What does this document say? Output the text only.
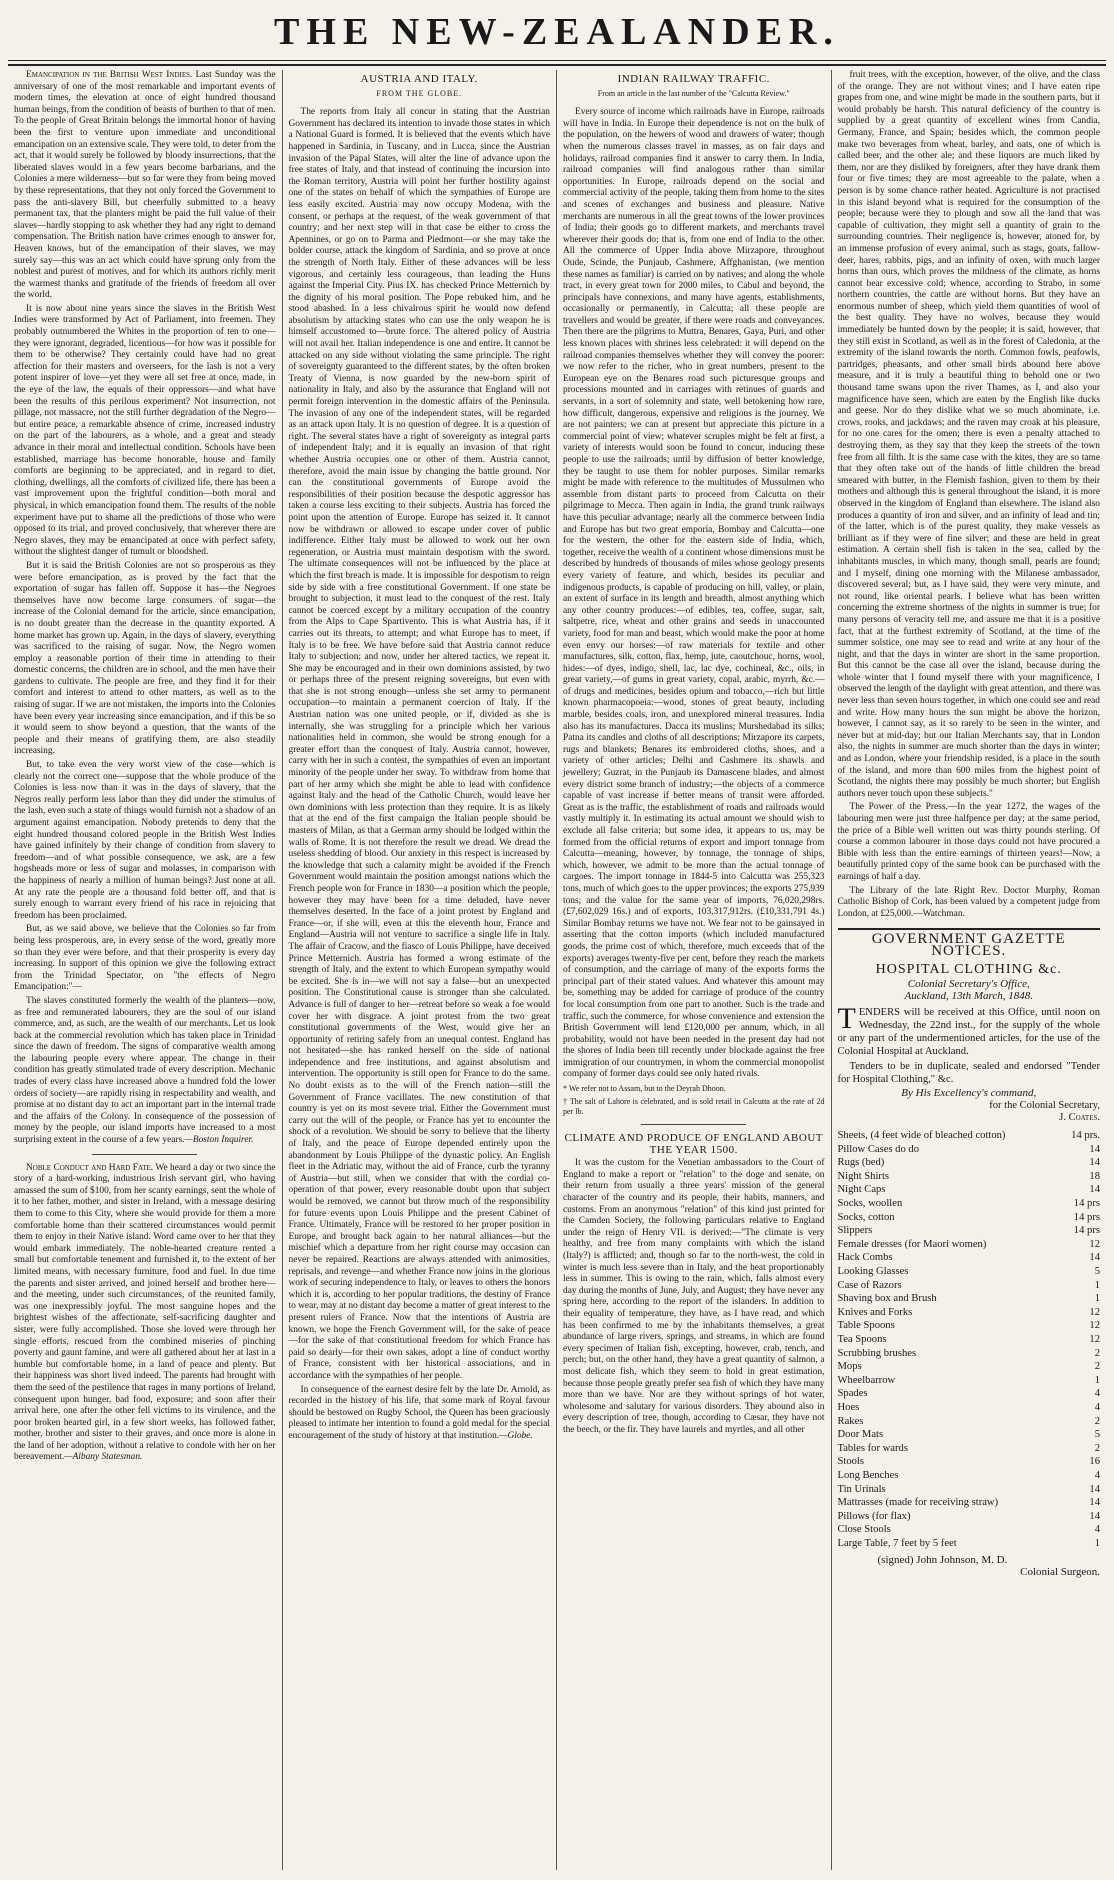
THE NEW-ZEALANDER.

Emancipation in the British West Indies. Last Sunday was the anniversary of one of the most remarkable and important events of modern times, the elevation at once of eight hundred thousand human beings, from the condition of beasts of burthen to that of men. To the people of Great Britain belongs the immortal honor of having been the first to venture upon immediate and unconditional emancipation on an extensive scale. They were told, to deter from the act, that it would surely be followed by bloody insurrections, that the liberated slaves would in a few years become barbarians, and the Colonies a mere wilderness—but so far were they from being moved by these representations, that they not only forced the Government to pass the anti-slavery Bill, but cheerfully submitted to a heavy permanent tax, that the planters might be paid the full value of their slaves—hardly stopping to ask whether they had any right to demand compensation. The British nation have crimes enough to answer for, Heaven knows, but of the emancipation of their slaves, we may surely say—this was an act which could have sprung only from the noblest and purest of motives, and for which its authors richly merit the warmest thanks and gratitude of the friends of freedom all over the world.

It is now about nine years since the slaves in the British West Indies were transformed by Act of Parliament, into freemen. They probably outnumbered the Whites in the proportion of ten to one—they were ignorant, degraded, licentious—for how was it possible for them to be otherwise? They certainly could have had no great affection for their masters and overseers, for the lash is not a very potent inspirer of love—yet they were all set free at once, made, in the eye of the law, the equals of their oppressors—and what have been the results of this perilous experiment? Not insurrection, not pillage, not massacre, not the still further degradation of the Negro—but entire peace, a remarkable absence of crime, increased industry on the part of the labourers, as a whole, and a great and steady advance in their moral and intellectual condition. Schools have been established, marriage has become honorable, house and family comforts are beginning to be appreciated, and in regard to diet, clothing, dwellings, all the comforts of civilized life, there has been a vast improvement upon the frightful condition—both moral and physical, in which emancipation found them. The results of the noble experiment have put to shame all the predictions of those who were opposed to its trial, and proved conclusively, that wherever there are Negro slaves, they may be emancipated at once with perfect safety, without the slightest danger of tumult or bloodshed.

But it is said the British Colonies are not so prosperous as they were before emancipation, as is proved by the fact that the exportation of sugar has fallen off. Suppose it has—the Negroes themselves have now become large consumers of sugar—the increase of the Colonial demand for the article, since emancipation, is no doubt greater than the decrease in the quantity exported. A home market has grown up. Again, in the days of slavery, everything was sacrificed to the raising of sugar. Now, the Negro women employ a reasonable portion of their time in attending to their domestic concerns, the children are in school, and the men have their gardens to cultivate. The people are free, and they find it for their comfort and interest to attend to other matters, as well as to the raising of sugar. If we are not mistaken, the imports into the Colonies have been every year increasing since emancipation, and if this be so it would seem to show beyond a question, that the wants of the people and their means of gratifying them, are also steadily increasing.

But, to take even the very worst view of the case—which is clearly not the correct one—suppose that the whole produce of the Colonies is less now than it was in the days of slavery, that the Negros really perform less labor than they did under the stimulus of the lash, even such a state of things would furnish not a shadow of an argument against emancipation. Nobody pretends to deny that the eight hundred thousand colored people in the British West Indies have gained infinitely by their change of condition from slavery to freedom—and of what possible consequence, we ask, are a few hogsheads more or less of sugar and molasses, in comparison with the happiness of nearly a million of human beings? Just none at all. At any rate the people are a thousand fold better off, and that is surely enough to warrant every friend of his race in rejoicing that freedom has been proclaimed.

But, as we said above, we believe that the Colonies so far from being less prosperous, are, in every sense of the word, greatly more so than they ever were before, and that their prosperity is every day increasing. In support of this opinion we give the following extract from the Trinidad Spectator, on "the effects of Negro Emancipation:"—

The slaves constituted formerly the wealth of the planters—now, as free and remunerated labourers, they are the soul of our island commerce, and, as such, are the wealth of our merchants. Let us look back at the commercial revolution which has taken place in Trinidad since the dawn of freedom. The signs of comparative wealth among the labouring people every where appear. The change in their condition has greatly stimulated trade of every description. Mechanic trades of every class have increased above a hundred fold the lower orders of society—are rapidly rising in respectability and wealth, and promise at no distant day to act an important part in the internal trade and the affairs of the Colony. In consequence of the possession of money by the people, our island imports have increased to a most surprising extent in the course of a few years.—Boston Inquirer.

Noble Conduct and Hard Fate. We heard a day or two since the story of a hard-working, industrious Irish servant girl, who having amassed the sum of $100, from her scanty earnings, sent the whole of it to her father, mother, and sister in Ireland, with a message desiring them to come to this City, where she would provide for them a more comfortable home than their scattered circumstances would permit them to enjoy in their Native island. Word came over to her that they would embark immediately. The noble-hearted creature rented a small but comfortable tenement and furnished it, to the extent of her limited means, with necessary furniture, food and fuel. In due time the parents and sister arrived, and joined herself and brother here—and the meeting, under such circumstances, of the reunited family, was one inexpressibly joyful. The most sanguine hopes and the brightest wishes of the affectionate, self-sacrificing daughter and sister, were fully accomplished. Those she loved were through her single efforts, rescued from the combined miseries of pinching poverty and gaunt famine, and were all gathered about her at last in a humble but comfortable home, in a land of peace and plenty. But their happiness was short lived indeed. The parents had brought with them the seed of the pestilence that rages in many portions of Ireland, consequent upon hunger, bad food, exposure; and soon after their arrival here, one after the other fell victims to its virulence, and the poor broken hearted girl, in a few short weeks, has followed father, mother, brother and sister to their graves, and once more is alone in the land of her adoption, without a relative to condole with her on her bereavement.—Albany Statesman.

AUSTRIA AND ITALY.
FROM THE GLOBE.

The reports from Italy all concur in stating that the Austrian Government has declared its intention to invade those states in which a National Guard is formed. It is believed that the events which have happened in Sardinia, in Tuscany, and in Lucca, since the Austrian invasion of the Papal States, will alter the line of advance upon the free states of Italy, and that instead of continuing the incursion into the Roman territory, Austria will point her further hostility against one of the states on behalf of which the sympathies of Europe are less easily excited. Austria may now occupy Modena, with the consent, or perhaps at the request, of the weak government of that country; and her next step will in that case be either to cross the Apennines, or go on to Parma and Piedmont—or she may take the bolder course, attack the kingdom of Sardinia, and so prove at once the strength of North Italy. Either of these advances will be less vigorous, and certainly less courageous, than leading the Huns against the Imperial City. Pius IX. has checked Prince Metternich by the dignity of his moral position. The Pope rebuked him, and he stood abashed. In a less chivalrous spirit he would now defend absolutism by attacking states who can use the only weapon he is himself accustomed to—brute force. The altered policy of Austria will not avail her. Italian independence is one and entire. It cannot be attacked on any side without violating the same principle. The right of sovereignty guaranteed to the different states, by the often broken Treaty of Vienna, is now guarded by the new-born spirit of nationality in Italy, and also by the assurance that England will not permit foreign intervention in the domestic affairs of the Peninsula. The invasion of any one of the independent states, will be regarded as an attack upon Italy. It is no question of degree. It is a question of right. The several states have a right of sovereignty as integral parts of independent Italy; and it is equally an invasion of that right whether Austria occupies one or other of them. Austria cannot, therefore, avoid the main issue by changing the battle ground. Nor can the constitutional governments of Europe avoid the responsibilities of their position because the despotic aggressor has taken a course less exciting to their subjects. Austria has forced the point upon the attention of Europe. Europe has seized it. It cannot now be withdrawn or allowed to escape under cover of public indifference. Either Italy must be allowed to work out her own regeneration, or Austria must maintain despotism with the sword. The ultimate consequences will not be influenced by the place at which the first breach is made. It is impossible for despotism to reign side by side with a free constitutional Government. If one state be brought to subjection, it must lead to the conquest of the rest. Italy cannot be coerced except by a military occupation of the country from the Alps to Cape Spartivento. This is what Austria has, if it carries out its threats, to attempt; and what Europe has to meet, if Italy is to be free. We have before said that Austria cannot reduce Italy to subjection; and now, under her altered tactics, we repeat it. She may be encouraged and in their own dominions assisted, by two or perhaps three of the present reigning sovereigns, but even with that she is not strong enough—unless she set army to permanent occupation—to maintain a permanent coercion of Italy. If the Austrian nation was one united people, or if, divided as she is internally, she was struggling for a principle which her various nationalities held in common, she would be strong enough for a greater effort than the conquest of Italy. Austria cannot, however, carry with her in such a contest, the sympathies of even an important minority of the people under her sway. To withdraw from home that part of her army which she might be able to lead with confidence against Italy and the head of the Catholic Church, would leave her own dominions with less protection than they require. It is as likely that at the end of the first campaign the Italian people should be masters of Milan, as that a German army should be lodged within the walls of Rome. It is not therefore the result we dread. We dread the useless shedding of blood. Our anxiety in this respect is increased by the knowledge that such a calamity might be avoided if the French Government would maintain the position amongst nations which the French people won for France in 1830—a position which the people, however they may have been for a time deluded, have never themselves deserted. In the face of a joint protest by England and France—or, if she will, even at this the eleventh hour, France and England—Austria will not venture to sacrifice a single life in Italy. The affair of Cracow, and the fiasco of Louis Philippe, have deceived Prince Metternich. Austria has formed a wrong estimate of the strength of Italy, and the extent to which European sympathy would be excited. She is in—we will not say a false—but an unexpected position. The Constitutional cause is stronger than she calculated. Advance is full of danger to her—retreat before so weak a foe would cover her with disgrace. A joint protest from the two great constitutional governments of the West, would give her an opportunity of retiring safely from an unequal contest. England has not hesitated—she has ranked herself on the side of national independence and free institutions, and against absolutism and intervention. The opportunity is still open for France to do the same. No doubt exists as to the will of the French nation—still the Government of France vacillates. The new constitution of that country is yet on its most severe trial. Either the Government must carry out the will of the people, or France has yet to encounter the shock of a revolution. We should be sorry to believe that the liberty of Italy, and the peace of Europe depended entirely upon the abandonment by Louis Philippe of the dynastic policy. An English fleet in the Adriatic may, without the aid of France, curb the tyranny of Austria—but still, when we consider that with the cordial co-operation of that power, every reasonable doubt upon that subject would be removed, we cannot but throw much of the responsibility for future events upon Louis Philippe and the present Cabinet of France. Ultimately, France will be restored to her proper position in Europe, and brought back again to her natural alliances—but the mischief which a departure from her right course may occasion can never be repaired. Reactions are always attended with animosities, reprisals, and revenge—and whether France now joins in the glorious work of securing independence to Italy, or leaves to others the honors which it is, according to her popular traditions, the destiny of France to wear, may at no distant day become a matter of great interest to the present rulers of France. Now that the intentions of Austria are known, we hope the French Government will, for the sake of peace—for the sake of that constitutional freedom for which France has paid so dearly—for their own sakes, adopt a line of conduct worthy of France, consistent with her historical associations, and in accordance with the sympathies of her people.

In consequence of the earnest desire felt by the late Dr. Arnold, as recorded in the history of his life, that some mark of Royal favour should be bestowed on Rugby School, the Queen has been graciously pleased to intimate her intention to found a gold medal for the special encouragement of the study of history at that institution.—Globe.

INDIAN RAILWAY TRAFFIC.
From an article in the last number of the "Calcutta Review."

Every source of income which railroads have in Europe, railroads will have in India. In Europe their dependence is not on the bulk of the population, on the hewers of wood and drawers of water; though when the numerous classes travel in masses, as on fair days and holidays, railroad companies find it answer to carry them. In India, railroad companies will find analogous rather than similar opportunities. In Europe, railroads depend on the social and commercial activity of the people, taking them from home to the sites and scenes of exchanges and business and pleasure. Native merchants are numerous in all the great towns of the lower provinces of India; their goods go to different markets, and merchants travel wherever their goods do; that is, from one end of India to the other. All the commerce of Upper India above Mirzapore, throughout Oude, Scinde, the Punjaub, Cashmere, Affghanistan, (we mention these names as familiar) is carried on by natives; and along the whole tract, in every great town for 2000 miles, to Cabul and beyond, the principals have connexions, and many have agents, establishments, occasionally or permanently, in Calcutta; all these people are travellers and would be greater, if there were roads and conveyances. Then there are the pilgrims to Muttra, Benares, Gaya, Puri, and other less known places with shrines less celebrated: it will depend on the railroad companies themselves whether they will convey the poorer: we now refer to the richer, who in great numbers, present to the European eye on the Benares road such picturesque groups and processions mounted and in carriages with retinues of guards and servants, in a sort of solemnity and state, well betokening how rare, how difficult, dangerous, expensive and religious is the journey. We are not painters; we can at present but appreciate this picture in a commercial point of view; whatever scruples might be felt at first, a variety of interests would soon be found to concur, inducing these people to use the railroads; until by diffusion of better knowledge, they be taught to use them for nobler purposes. Similar remarks might be made with reference to the multitudes of Mussulmen who assemble from distant parts to proceed from Calcutta on their pilgrimage to Mecca. Then again in India, the grand trunk railways have this peculiar advantage; nearly all the commerce between India and Europe has but two great emporia, Bombay and Calcutta—one for the western, the other for the eastern side of India, which, together, receive the wealth of a continent whose dimensions must be described by hundreds of thousands of miles whose geology presents every variety of feature, and which, besides its peculiar and indigenous products, is capable of producing on hill, valley, or plain, an extent of surface in its length and breadth, almost anything which any other country produces:—of edibles, tea, coffee, sugar, salt, saltpetre, rice, wheat and other grains and seeds in unaccounted variety, food for man and beast, which would make the poor at home even envy our horses:—of raw materials for textile and other manufactures, silk, cotton, flax, hemp, jute, caoutchouc, horns, wool, hides:—of dyes, indigo, shell, lac, lac dye, cochineal, &c., oils, in great variety,—of gums in great variety, copal, arabic, myrrh, &c.—of drugs and medicines, besides opium and tobacco,—rich but little known pharmacopoeia:—wood, stones of great beauty, including marble, besides coals, iron, and unexplored mineral treasures. India also has its manufactures. Dacca its muslins; Murshedabad its silks; Patna its candles and cloths of all descriptions; Mirzapore its carpets, rugs and blankets; Benares its embroidered cloths, shoes, and a variety of other articles; Delhi and Cashmere its shawls and jewellery; Guzrat, in the Punjaub its Damascene blades, and almost every district some branch of industry;—the objects of a commerce capable of vast increase if better means of transit were afforded. Great as is the traffic, the establishment of roads and railroads would vastly multiply it. In estimating its actual amount we should wish to exclude all false criteria; but some idea, it appears to us, may be formed from the official returns of export and import tonnage from Calcutta—meaning, however, by tonnage, the tonnage of ships, which, however, we admit to be more than the actual tonnage of cargoes. The import tonnage in 1844-5 into Calcutta was 255,323 tons, much of which goes to the upper provinces; the exports 275,939 tons; and the value for the same year of imports, 76,020,298rs.(£7,602,029 16s.) and of exports, 103,317,912rs. (£10,331,791 4s.) Similar Bombay returns we have not. We fear not to be gainsayed in asserting that the cotton imports (which included manufactured goods, the prime cost of which, therefore, much exceeds that of the exports) averages twenty-five per cent, before they reach the markets of consumption, and the carriage of many of the exports forms the principal part of their stated values. And whatever this amount may be, something may be added for carriage of produce of the country for local consumption from one part to another. Such is the trade and traffic, such the commerce, for whose convenience and extension the British Government will lend £120,000 per annum, which, in all probability, would not have been needed in the present day had not the shores of India been till recently under blockade against the free immigration of our countrymen, in whom the commercial monopolist company of former days could see only hated rivals.

* We refer not to Assam, but to the Deyrah Dhoon.
† The salt of Lahore is celebrated, and is sold retail in Calcutta at the rate of 2d per lb.
CLIMATE AND PRODUCE OF ENGLAND ABOUT THE YEAR 1500.

It was the custom for the Venetian ambassadors to the Court of England to make a report or "relation" to the doge and senate, on their return from usually a three years' mission of the general character of the country and its people, their habits, manners, and customs. From an anonymous "relation" of this kind just printed for the Camden Society, the following particulars relative to England under the reign of Henry VII. is derived:—"The climate is very healthy, and free from many complaints with which the island (Italy?) is afflicted; and, though so far to the north-west, the cold in winter is much less severe than in Italy, and the heat proportionably less in summer. This is owing to the rain, which, falls almost every day during the months of June, July, and August; they have never any spring here, according to the report of the islanders. In addition to their equality of temperature, they have, as I have read, and which has been confirmed to me by the inhabitants themselves, a great abundance of large rivers, springs, and streams, in which are found every specimen of Italian fish, excepting, however, crab, tench, and perch; but, on the other hand, they have a great quantity of salmon, a most delicate fish, which they seem to hold in great estimation, because those people greatly prefer sea fish of which they have many more than we have. Nor are they without springs of hot water, wholesome and salutary for various disorders. They abound also in every description of tree, though, according to Cæsar, they have not the beech, or the fir. They have laurels and myrtles, and all other

fruit trees, with the exception, however, of the olive, and the class of the orange. They are not without vines; and I have eaten ripe grapes from one, and wine might be made in the southern parts, but it would probably be harsh. This natural deficiency of the country is supplied by a great quantity of excellent wines from Candia, Germany, France, and Spain; besides which, the common people make two beverages from wheat, barley, and oats, one of which is called beer, and the other ale; and these liquors are much liked by them, nor are they disliked by foreigners, after they have drank them four or five times; they are most agreeable to the palate, when a person is by some chance rather heated. Agriculture is not practised in this island beyond what is required for the consumption of the people; because were they to plough and sow all the land that was capable of cultivation, they might sell a quantity of grain to the surrounding countries. Their negligence is, however, atoned for, by an immense profusion of every animal, such as stags, goats, fallow-deer, hares, rabbits, pigs, and an infinity of oxen, with much larger horns than ours, which proves the mildness of the climate, as horns cannot bear excessive cold; whence, according to Strabo, in some northern countries, the cattle are without horns. But they have an enormous number of sheep, which yield them quantities of wool of the best quality. They have no wolves, because they would immediately be hunted down by the people; it is said, however, that they still exist in Scotland, as well as in the forest of Caledonia, at the extremity of the island towards the north. Common fowls, peafowls, partridges, pheasants, and other small birds abound here above measure, and it is truly a beautiful thing to behold one or two thousand tame swans upon the river Thames, as I, and also your magnificence have seen, which are eaten by the English like ducks and geese. Nor do they dislike what we so much abominate, i.e. crows, rooks, and jackdaws; and the raven may croak at his pleasure, for no one cares for the omen; there is even a penalty attached to destroying them, as they say that they keep the streets of the town free from all filth. It is the same case with the kites, they are so tame that they often take out of the hands of little children the bread smeared with butter, in the Flemish fashion, given to them by their mothers and although this is general throughout the island, it is more observed in the kingdom of England than elsewhere. The island also produces a quantity of iron and silver, and an infinity of lead and tin; of the latter, which is of the purest quality, they make vessels as brilliant as if they were of fine silver; and these are held in great estimation. A certain shell fish is taken in the sea, called by the inhabitants muscles, in which many, though small, pearls are found; and I myself, dining one morning with the Milanese ambassador, discovered several; but, as I have said, they were very minute, and not round, like oriental pearls. I believe what has been written concerning the extreme shortness of the nights in summer is true; for many persons of veracity tell me, and assure me that it is a positive fact, that at the furthest extremity of Scotland, at the time of the summer solstice, one may see to read and write at any hour of the night, and that the days in winter are short in the same proportion. But this cannot be the case all over the island, because during the whole winter that I found myself there with your magnificence, I observed the length of the daylight with great attention, and there was never less than seven hours together, in which one could see and read and write. How many hours the sun might be above the horizon, however, I cannot say, as it so rarely to be seen in the winter, and never but at mid-day; but our Italian Merchants say, that in London also, the nights in summer are much shorter than the days in winter; and as London, where your friendship resided, is a place in the south of the island, and more than 600 miles from the highest point of Scotland, the nights there may possibly be much shorter; but English authors never touch upon these subjects."

The Power of the Press.—In the year 1272, the wages of the labouring men were just three halfpence per day; at the same period, the price of a Bible well written out was thirty pounds sterling. Of course a common labourer in those days could not have procured a Bible with less than the entire earnings of thirteen years!—Now, a beautifully printed copy of the same book can be purchased with the earnings of half a day.

The Library of the late Right Rev. Doctor Murphy, Roman Catholic Bishop of Cork, has been valued by a competent judge from London, at £25,000.—Watchman.

GOVERNMENT GAZETTE NOTICES.
HOSPITAL CLOTHING &c.
Colonial Secretary's Office,
Auckland, 13th March, 1848.

TENDERS will be received at this Office, until noon on Wednesday, the 22nd inst., for the supply of the whole or any part of the undermentioned articles, for the use of the Colonial Hospital at Auckland.

Tenders to be in duplicate, sealed and endorsed "Tender for Hospital Clothing," &c.

By His Excellency's command,
for the Colonial Secretary,
J. Coates.
Sheets, (4 feet wide of bleached cotton)	14 prs.
Pillow Cases do do	14
Rugs (bed)	14
Night Shirts	18
Night Caps	14
Socks, woollen	14 prs
Socks, cotton	14 prs
Slippers	14 prs
Female dresses (for Maori women)	12
Hack Combs	14
Looking Glasses	5
Case of Razors	1
Shaving box and Brush	1
Knives and Forks	12
Table Spoons	12
Tea Spoons	12
Scrubbing brushes	2
Mops	2
Wheelbarrow	1
Spades	4
Hoes	4
Rakes	2
Door Mats	5
Tables for wards	2
Stools	16
Long Benches	4
Tin Urinals	14
Mattrasses (made for receiving straw)	14
Pillows (for flax)	14
Close Stools	4
Large Table, 7 feet by 5 feet	1
(signed) John Johnson, M. D.
Colonial Surgeon.
